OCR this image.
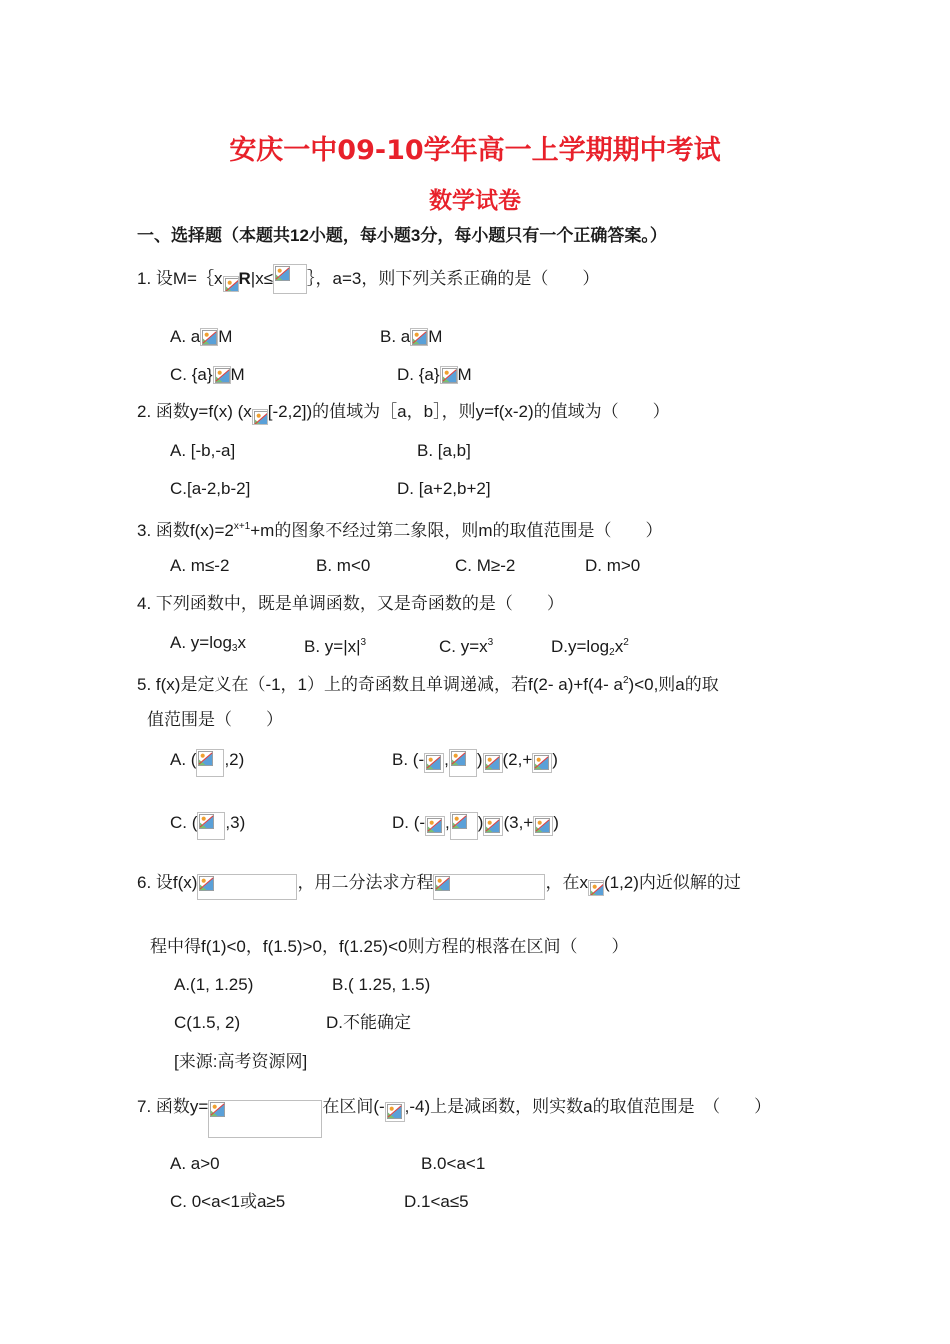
安庆一中09-10学年高一上学期期中考试
数学试卷
一、选择题（本题共12小题，每小题3分，每小题只有一个正确答案。）
1. 设M=｛x R|x≤ ｝，a=3，则下列关系正确的是（　　）
A. a M	B. a M
C. {a} M	D. {a} M
2. 函数y=f(x) (x [-2,2])的值域为［a，b］，则y=f(x-2)的值域为（　　）
A. [-b,-a]	B. [a,b]
C.[a-2,b-2]	D. [a+2,b+2]
3. 函数$f(x)=2^{x+1}+m$的图象不经过第二象限，则m的取值范围是（　　）
A. m≤-2	B. m<0	C. M≥-2	D. m>0
4. 下列函数中，既是单调函数，又是奇函数的是（　　）
A. $y=\log_3x$	B. $y=|x|^3$	C. $y=x^3$	$D.y=\log_2x^2$
5. f(x)是定义在（-1，1）上的奇函数且单调递减，若f(2- a)+f(4- $a^2)<0$,则a的取
值范围是（　　）
A. ( ,2)	B. (- , ) (2,+ )
C. ( ,3)	D. (- , ) (3,+ )
6. 设f(x)	，用二分法求方程	，在x (1,2)内近似解的过
程中得f(1)<0，f(1.5)>0，f(1.25)<0则方程的根落在区间（　　）
A.(1, 1.25)	B.( 1.25, 1.5)
C(1.5, 2)	D.不能确定
[来源:高考资源网]
7. 函数y=	在区间(- ,-4)上是减函数，则实数a的取值范围是　（　　）
A. a>0	B.0<a<1
C. 0<a<1或a≥5	D.1<a≤5
